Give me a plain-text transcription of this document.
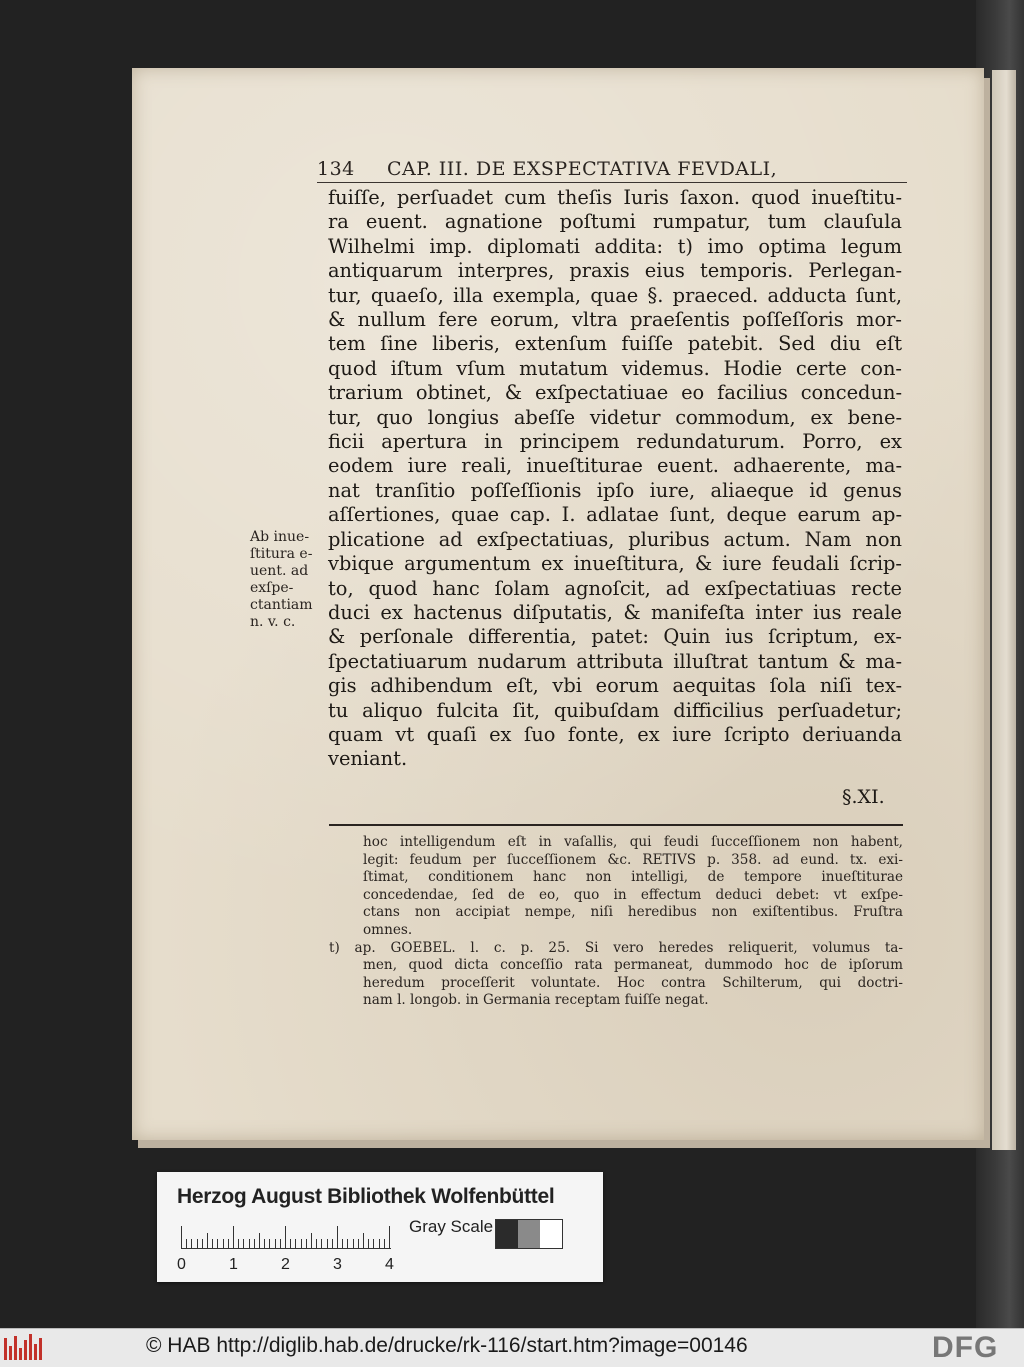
134 CAP. III. DE EXSPECTATIVA FEVDALI,
fuiſſe, perſuadet cum theſis Iuris ſaxon. quod inueſtitu-
ra euent. agnatione poſtumi rumpatur, tum clauſula
Wilhelmi imp. diplomati addita: t) imo optima legum
antiquarum interpres, praxis eius temporis. Perlegan-
tur, quaeſo, illa exempla, quae §. praeced. adducta ſunt,
& nullum fere eorum, vltra praeſentis poſſeſſoris mor-
tem ſine liberis, extenſum fuiſſe patebit. Sed diu eſt
quod iſtum vſum mutatum videmus. Hodie certe con-
trarium obtinet, & exſpectatiuae eo facilius concedun-
tur, quo longius abeſſe videtur commodum, ex bene-
ficii apertura in principem redundaturum. Porro, ex
eodem iure reali, inueſtiturae euent. adhaerente, ma-
nat tranſitio poſſeſſionis ipſo iure, aliaeque id genus
aſſertiones, quae cap. I. adlatae ſunt, deque earum ap-
plicatione ad exſpectatiuas, pluribus actum. Nam non
vbique argumentum ex inueſtitura, & iure feudali ſcrip-
to, quod hanc ſolam agnoſcit, ad exſpectatiuas recte
duci ex hactenus diſputatis, & manifeſta inter ius reale
& perſonale differentia, patet: Quin ius ſcriptum, ex-
ſpectatiuarum nudarum attributa illuſtrat tantum & ma-
gis adhibendum eſt, vbi eorum aequitas ſola niſi tex-
tu aliquo fulcita ſit, quibuſdam difficilius perſuadetur;
quam vt quaſi ex ſuo fonte, ex iure ſcripto deriuanda
veniant.
Ab inue-
ſtitura e-
uent. ad
exſpe-
ctantiam
n. v. c.
§.XI.
hoc intelligendum eſt in vaſallis, qui feudi ſucceſſionem non habent,
legit: feudum per ſucceſſionem &c. RETIVS p. 358. ad eund. tx. exi-
ſtimat, conditionem hanc non intelligi, de tempore inueſtiturae
concedendae, ſed de eo, quo in effectum deduci debet: vt exſpe-
ctans non accipiat nempe, niſi heredibus non exiſtentibus. Fruſtra
omnes.
t) ap. GOEBEL. l. c. p. 25. Si vero heredes reliquerit, volumus ta-
men, quod dicta conceſſio rata permaneat, dummodo hoc de ipſorum
heredum proceſſerit voluntate. Hoc contra Schilterum, qui doctri-
nam l. longob. in Germania receptam fuiſſe negat.
Herzog August Bibliothek Wolfenbüttel
0	1	2	3	4
Gray Scale
© HAB http://diglib.hab.de/drucke/rk-116/start.htm?image=00146	DFG
